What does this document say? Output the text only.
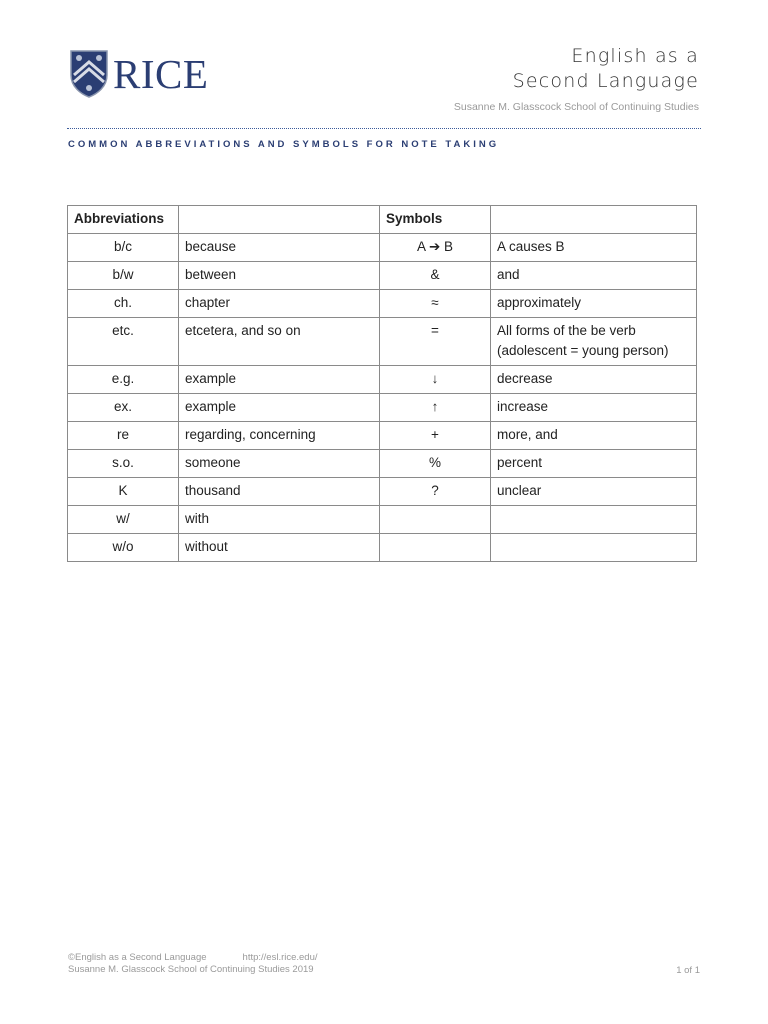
RICE	English as a
Second Language
Susanne M. Glasscock School of Continuing Studies
COMMON ABBREVIATIONS AND SYMBOLS FOR NOTE TAKING
Abbreviations		Symbols	
b/c	because	A ➔ B	A causes B
b/w	between	&	and
ch.	chapter	≈	approximately
etc.	etcetera, and so on	=	All forms of the be verb (adolescent = young person)
e.g.	example	↓	decrease
ex.	example	↑	increase
re	regarding, concerning	+	more, and
s.o.	someone	%	percent
K	thousand	?	unclear
w/	with		
w/o	without		
©English as a Second Language	http://esl.rice.edu/
Susanne M. Glasscock School of Continuing Studies 2019	1 of 1
